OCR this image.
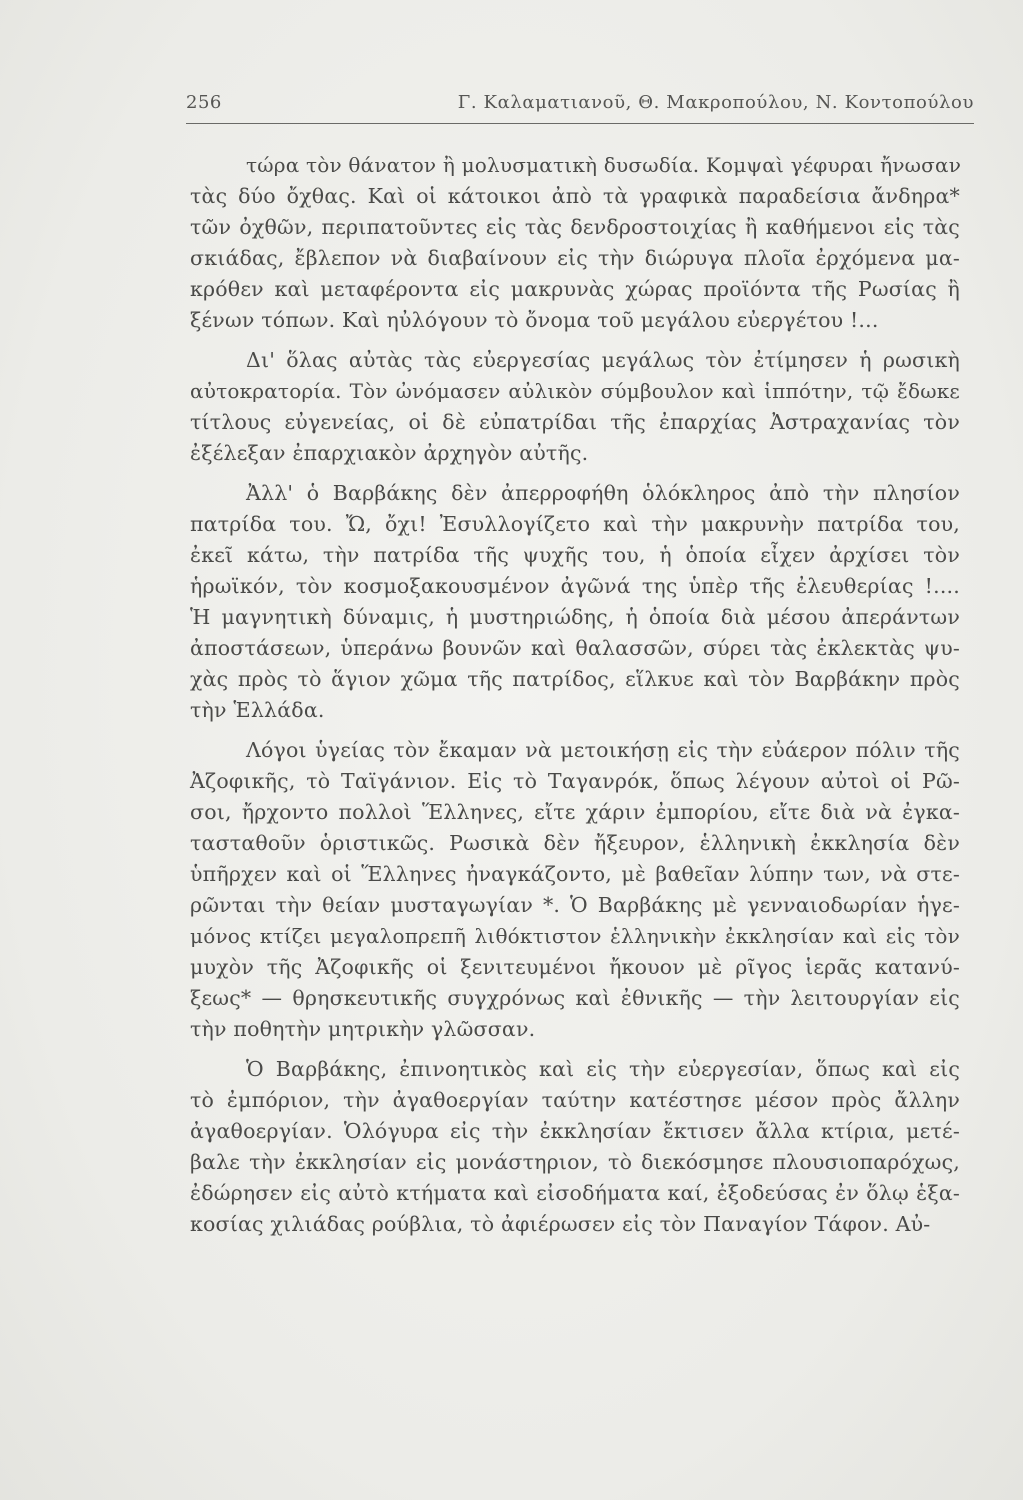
256	Γ. Καλαματιανοῦ, Θ. Μακροπούλου, Ν. Κοντοπούλου
τώρα τὸν θάνατον ἢ μολυσματικὴ δυσωδία. Κομψαὶ γέφυραι ἤνωσαν
τὰς δύο ὄχθας. Καὶ οἱ κάτοικοι ἀπὸ τὰ γραφικὰ παραδείσια ἄνδηρα*
τῶν ὀχθῶν, περιπατοῦντες εἰς τὰς δενδροστοιχίας ἢ καθήμενοι εἰς τὰς
σκιάδας, ἔβλεπον νὰ διαβαίνουν εἰς τὴν διώρυγα πλοῖα ἐρχόμενα μα-
κρόθεν καὶ μεταφέροντα εἰς μακρυνὰς χώρας προϊόντα τῆς Ρωσίας ἢ
ξένων τόπων. Καὶ ηὐλόγουν τὸ ὄνομα τοῦ μεγάλου εὐεργέτου !...
Δι' ὅλας αὐτὰς τὰς εὐεργεσίας μεγάλως τὸν ἐτίμησεν ἡ ρωσικὴ
αὐτοκρατορία. Τὸν ὠνόμασεν αὐλικὸν σύμβουλον καὶ ἱππότην, τῷ ἔδωκε
τίτλους εὐγενείας, οἱ δὲ εὐπατρίδαι τῆς ἐπαρχίας Ἀστραχανίας τὸν
ἐξέλεξαν ἐπαρχιακὸν ἀρχηγὸν αὐτῆς.
Ἀλλ' ὁ Βαρβάκης δὲν ἀπερροφήθη ὁλόκληρος ἀπὸ τὴν πλησίον
πατρίδα του. Ὤ, ὄχι! Ἐσυλλογίζετο καὶ τὴν μακρυνὴν πατρίδα του,
ἐκεῖ κάτω, τὴν πατρίδα τῆς ψυχῆς του, ἡ ὁποία εἶχεν ἀρχίσει τὸν
ἡρωϊκόν, τὸν κοσμοξακουσμένον ἀγῶνά της ὑπὲρ τῆς ἐλευθερίας !....
Ἡ μαγνητικὴ δύναμις, ἡ μυστηριώδης, ἡ ὁποία διὰ μέσου ἀπεράντων
ἀποστάσεων, ὑπεράνω βουνῶν καὶ θαλασσῶν, σύρει τὰς ἐκλεκτὰς ψυ-
χὰς πρὸς τὸ ἅγιον χῶμα τῆς πατρίδος, εἵλκυε καὶ τὸν Βαρβάκην πρὸς
τὴν Ἑλλάδα.
Λόγοι ὑγείας τὸν ἔκαμαν νὰ μετοικήσῃ εἰς τὴν εὐάερον πόλιν τῆς
Ἀζοφικῆς, τὸ Ταϊγάνιον. Εἰς τὸ Ταγανρόκ, ὅπως λέγουν αὐτοὶ οἱ Ρῶ-
σοι, ἤρχοντο πολλοὶ Ἕλληνες, εἴτε χάριν ἐμπορίου, εἴτε διὰ νὰ ἐγκα-
τασταθοῦν ὁριστικῶς. Ρωσικὰ δὲν ἤξευρον, ἑλληνικὴ ἐκκλησία δὲν
ὑπῆρχεν καὶ οἱ Ἕλληνες ἠναγκάζοντο, μὲ βαθεῖαν λύπην των, νὰ στε-
ρῶνται τὴν θείαν μυσταγωγίαν *. Ὁ Βαρβάκης μὲ γενναιοδωρίαν ἡγε-
μόνος κτίζει μεγαλοπρεπῆ λιθόκτιστον ἑλληνικὴν ἐκκλησίαν καὶ εἰς τὸν
μυχὸν τῆς Ἀζοφικῆς οἱ ξενιτευμένοι ἤκουον μὲ ρῖγος ἱερᾶς κατανύ-
ξεως* — θρησκευτικῆς συγχρόνως καὶ ἐθνικῆς — τὴν λειτουργίαν εἰς
τὴν ποθητὴν μητρικὴν γλῶσσαν.
Ὁ Βαρβάκης, ἐπινοητικὸς καὶ εἰς τὴν εὐεργεσίαν, ὅπως καὶ εἰς
τὸ ἐμπόριον, τὴν ἀγαθοεργίαν ταύτην κατέστησε μέσον πρὸς ἄλλην
ἀγαθοεργίαν. Ὁλόγυρα εἰς τὴν ἐκκλησίαν ἔκτισεν ἄλλα κτίρια, μετέ-
βαλε τὴν ἐκκλησίαν εἰς μονάστηριον, τὸ διεκόσμησε πλουσιοπαρόχως,
ἐδώρησεν εἰς αὐτὸ κτήματα καὶ εἰσοδήματα καί, ἐξοδεύσας ἐν ὅλῳ ἑξα-
κοσίας χιλιάδας ρούβλια, τὸ ἀφιέρωσεν εἰς τὸν Παναγίον Τάφον. Αὐ-
